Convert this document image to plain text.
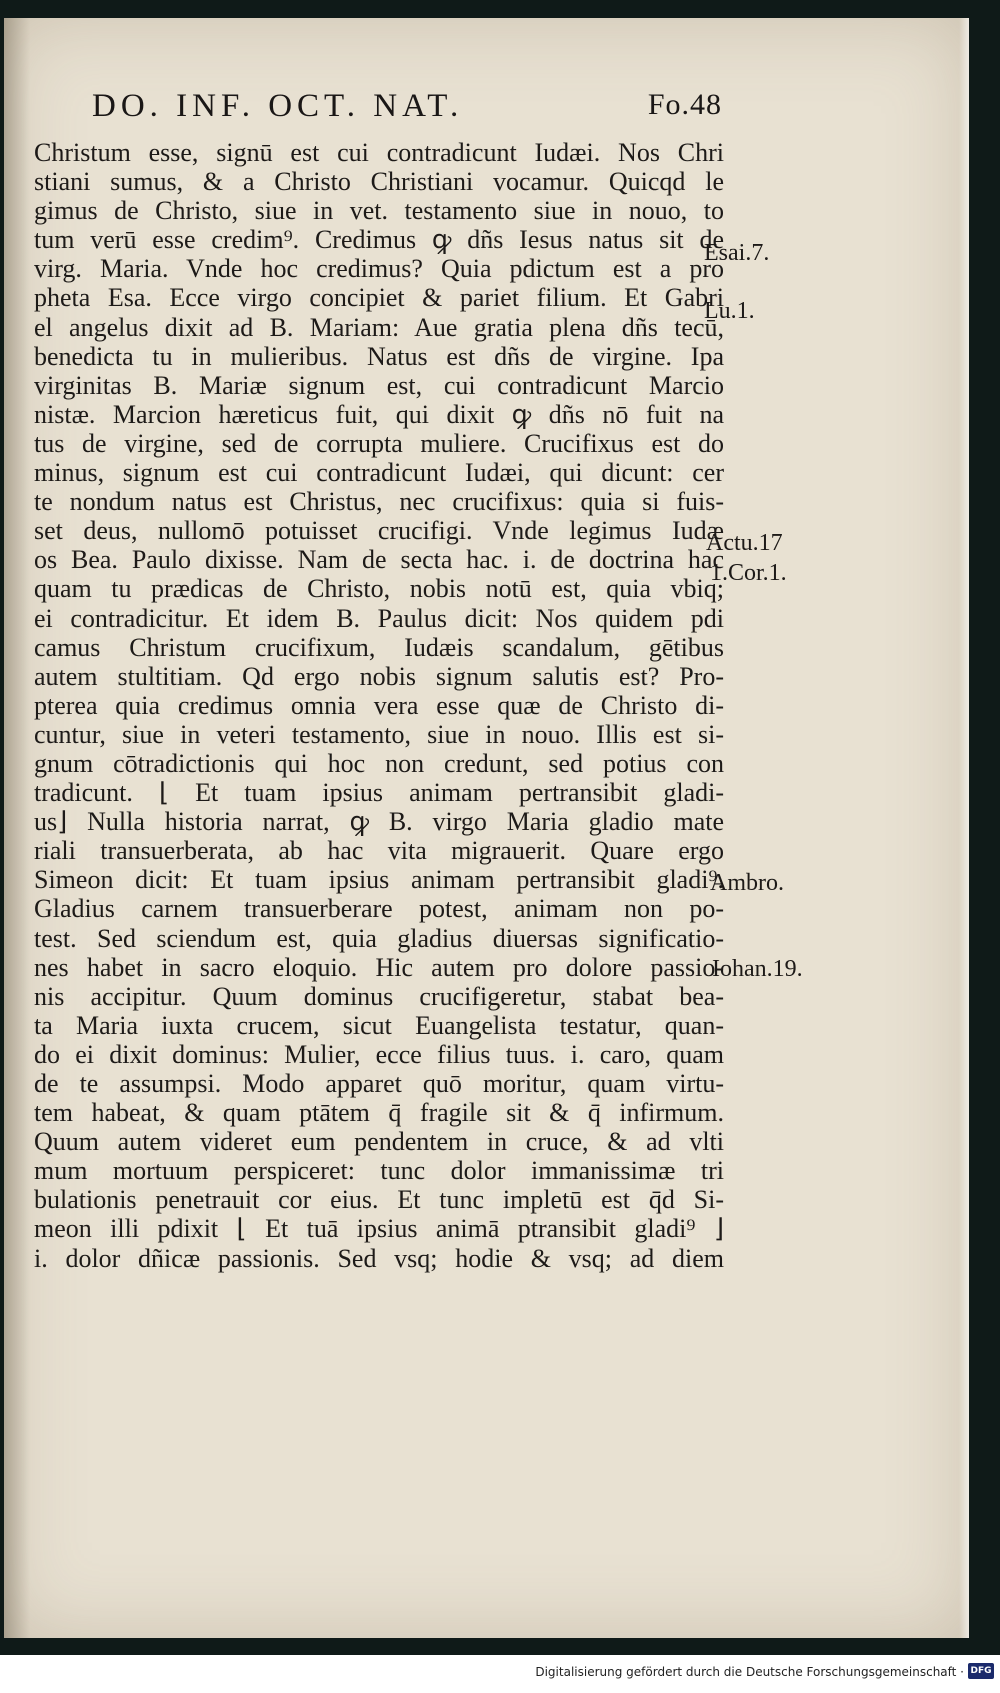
DO. INF. OCT. NAT.	Fo.48
Christum esse, signū est cui contradicunt Iudæi. Nos Chri
stiani sumus, & a Christo Christiani vocamur. Quicqd le
gimus de Christo, siue in vet. testamento siue in nouo, to
tum verū esse credim⁹. Credimus ꝙ dñs Iesus natus sit de
virg. Maria. Vnde hoc credimus? Quia pdictum est a pro
pheta Esa. Ecce virgo concipiet & pariet filium. Et Gabri
el angelus dixit ad B. Mariam: Aue gratia plena dñs tecū,
benedicta tu in mulieribus. Natus est dñs de virgine. Ipa
virginitas B. Mariæ signum est, cui contradicunt Marcio
nistæ. Marcion hæreticus fuit, qui dixit ꝙ dñs nō fuit na
tus de virgine, sed de corrupta muliere. Crucifixus est do
minus, signum est cui contradicunt Iudæi, qui dicunt: cer
te nondum natus est Christus, nec crucifixus: quia si fuis-
set deus, nullomō potuisset crucifigi. Vnde legimus Iudæ
os Bea. Paulo dixisse. Nam de secta hac. i. de doctrina hac
quam tu prædicas de Christo, nobis notū est, quia vbiq;
ei contradicitur. Et idem B. Paulus dicit: Nos quidem pdi
camus Christum crucifixum, Iudæis scandalum, gētibus
autem stultitiam. Qd ergo nobis signum salutis est? Pro-
pterea quia credimus omnia vera esse quæ de Christo di-
cuntur, siue in veteri testamento, siue in nouo. Illis est si-
gnum cōtradictionis qui hoc non credunt, sed potius con
tradicunt. ⌊ Et tuam ipsius animam pertransibit gladi-
us⌋ Nulla historia narrat, ꝙ B. virgo Maria gladio mate
riali transuerberata, ab hac vita migrauerit. Quare ergo
Simeon dicit: Et tuam ipsius animam pertransibit gladi⁹.
Gladius carnem transuerberare potest, animam non po-
test. Sed sciendum est, quia gladius diuersas significatio-
nes habet in sacro eloquio. Hic autem pro dolore passio-
nis accipitur. Quum dominus crucifigeretur, stabat bea-
ta Maria iuxta crucem, sicut Euangelista testatur, quan-
do ei dixit dominus: Mulier, ecce filius tuus. i. caro, quam
de te assumpsi. Modo apparet quō moritur, quam virtu-
tem habeat, & quam ptātem q̄ fragile sit & q̄ infirmum.
Quum autem videret eum pendentem in cruce, & ad vlti
mum mortuum perspiceret: tunc dolor immanissimæ tri
bulationis penetrauit cor eius. Et tunc impletū est q̄d Si-
meon illi pdixit ⌊ Et tuā ipsius animā ptransibit gladi⁹ ⌋
i. dolor dñicæ passionis. Sed vsq; hodie & vsq; ad diem
Esai.7.
Lu.1.
Actu.17
1.Cor.1.
Ambro.
Iohan.19.
Digitalisierung gefördert durch die Deutsche Forschungsgemeinschaft · DFG
